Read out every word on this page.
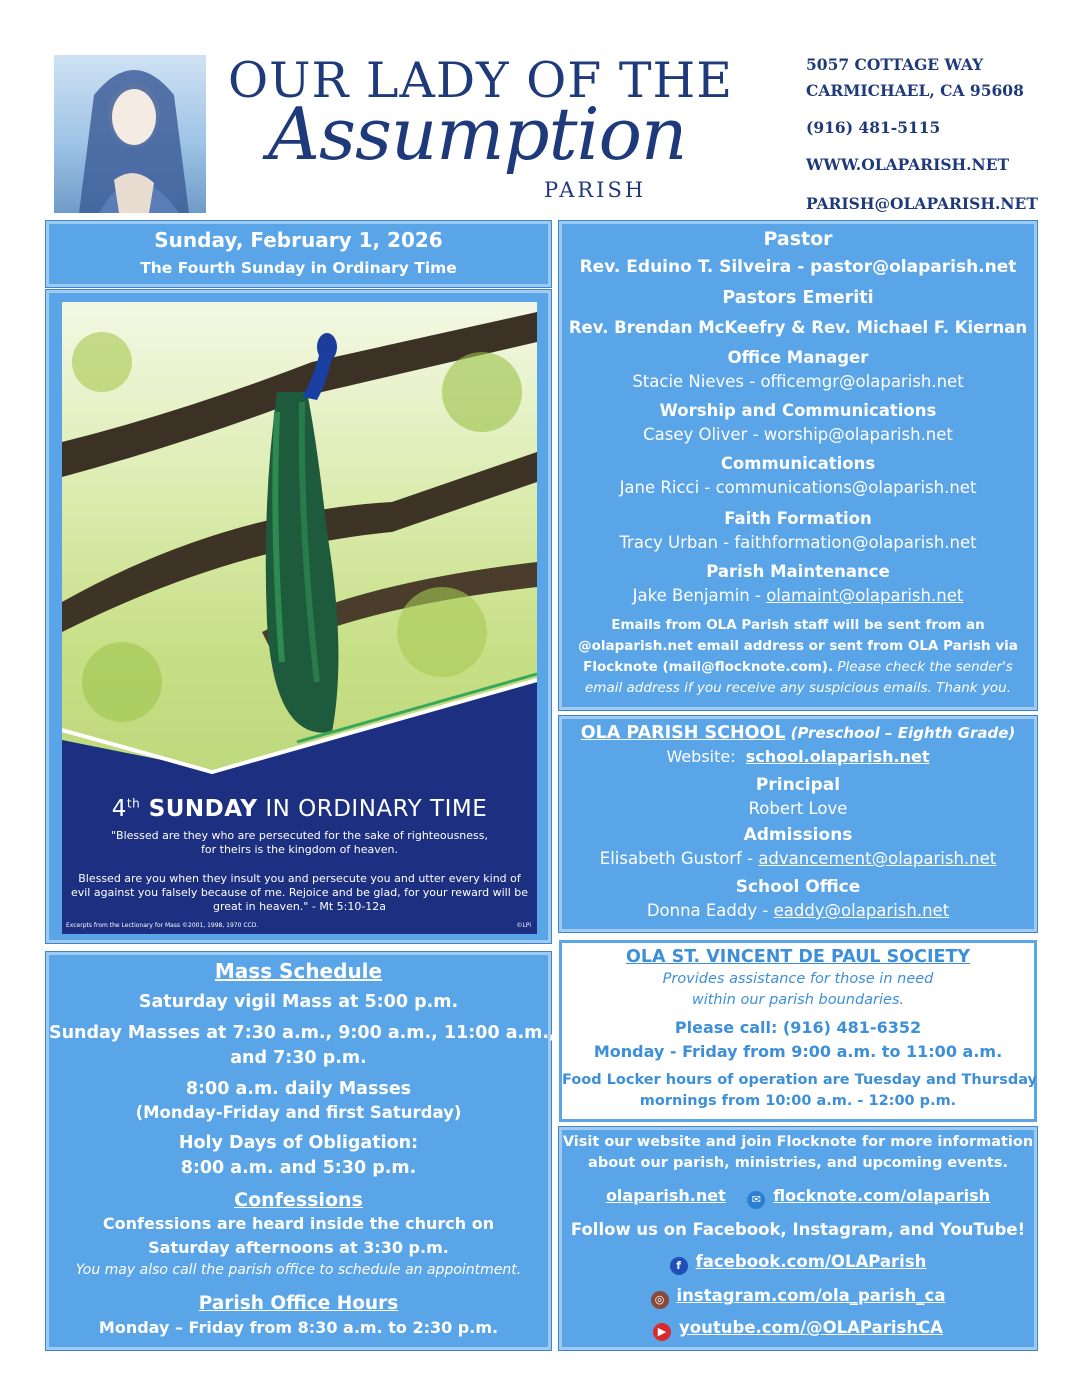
OUR LADY OF THE
Assumption
PARISH
5057 COTTAGE WAY
CARMICHAEL, CA 95608
(916) 481-5115
WWW.OLAPARISH.NET
PARISH@OLAPARISH.NET
Sunday, February 1, 2026
The Fourth Sunday in Ordinary Time
4th SUNDAY IN ORDINARY TIME
"Blessed are they who are persecuted for the sake of righteousness,
for theirs is the kingdom of heaven.
Blessed are you when they insult you and persecute you and utter every kind of
evil against you falsely because of me. Rejoice and be glad, for your reward will be
great in heaven." - Mt 5:10-12a
Excerpts from the Lectionary for Mass ©2001, 1998, 1970 CCD.	©LPi
Pastor
Rev. Eduino T. Silveira - pastor@olaparish.net
Pastors Emeriti
Rev. Brendan McKeefry & Rev. Michael F. Kiernan
Office Manager
Stacie Nieves - officemgr@olaparish.net
Worship and Communications
Casey Oliver - worship@olaparish.net
Communications
Jane Ricci - communications@olaparish.net
Faith Formation
Tracy Urban - faithformation@olaparish.net
Parish Maintenance
Jake Benjamin - olamaint@olaparish.net
Emails from OLA Parish staff will be sent from an
@olaparish.net email address or sent from OLA Parish via
Flocknote (mail@flocknote.com). Please check the sender's
email address if you receive any suspicious emails. Thank you.
OLA PARISH SCHOOL (Preschool – Eighth Grade)
Website: school.olaparish.net
Principal
Robert Love
Admissions
Elisabeth Gustorf - advancement@olaparish.net
School Office
Donna Eaddy - eaddy@olaparish.net
OLA ST. VINCENT DE PAUL SOCIETY
Provides assistance for those in need
within our parish boundaries.
Please call: (916) 481-6352
Monday - Friday from 9:00 a.m. to 11:00 a.m.
Food Locker hours of operation are Tuesday and Thursday
mornings from 10:00 a.m. - 12:00 p.m.
Visit our website and join Flocknote for more information
about our parish, ministries, and upcoming events.
olaparish.net ✉ flocknote.com/olaparish
Follow us on Facebook, Instagram, and YouTube!
f facebook.com/OLAParish
◎ instagram.com/ola_parish_ca
▶ youtube.com/@OLAParishCA
Mass Schedule
Saturday vigil Mass at 5:00 p.m.
Sunday Masses at 7:30 a.m., 9:00 a.m., 11:00 a.m.,
and 7:30 p.m.
8:00 a.m. daily Masses
(Monday-Friday and first Saturday)
Holy Days of Obligation:
8:00 a.m. and 5:30 p.m.
Confessions
Confessions are heard inside the church on
Saturday afternoons at 3:30 p.m.
You may also call the parish office to schedule an appointment.
Parish Office Hours
Monday – Friday from 8:30 a.m. to 2:30 p.m.
